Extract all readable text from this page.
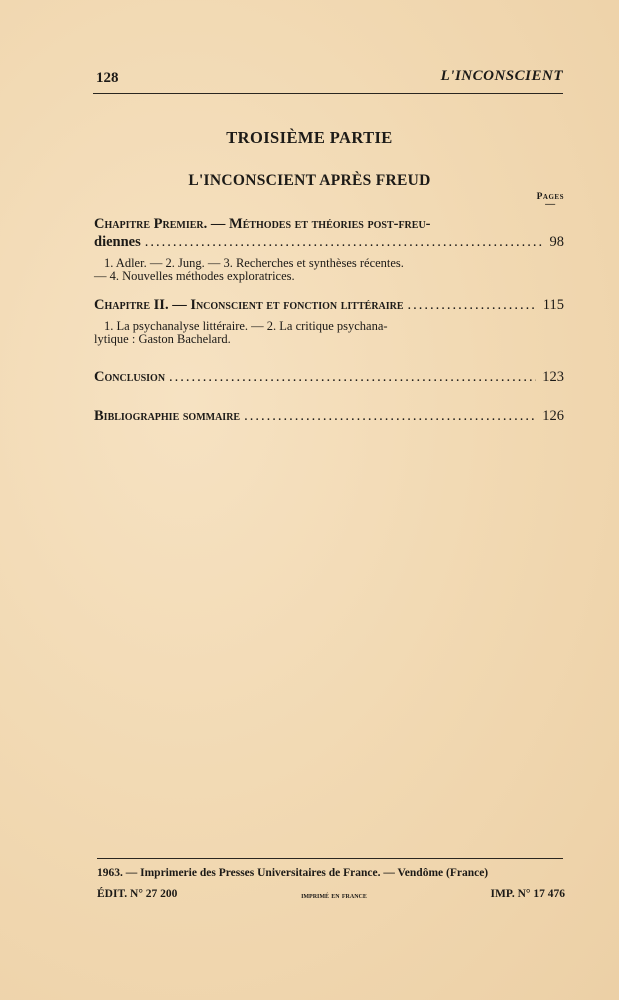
128	L'INCONSCIENT
TROISIÈME PARTIE
L'INCONSCIENT APRÈS FREUD
Pages
—
Chapitre Premier. — Méthodes et théories post-freu-
diennes .....	98
1. Adler. — 2. Jung. — 3. Recherches et synthèses récentes.
— 4. Nouvelles méthodes exploratrices.
Chapitre II. — Inconscient et fonction littéraire .....	115
1. La psychanalyse littéraire. — 2. La critique psychana-
lytique : Gaston Bachelard.
Conclusion .....	123
Bibliographie sommaire .....	126
1963. — Imprimerie des Presses Universitaires de France. — Vendôme (France)
ÉDIT. N° 27 200	imprimé en france	IMP. N° 17 476
